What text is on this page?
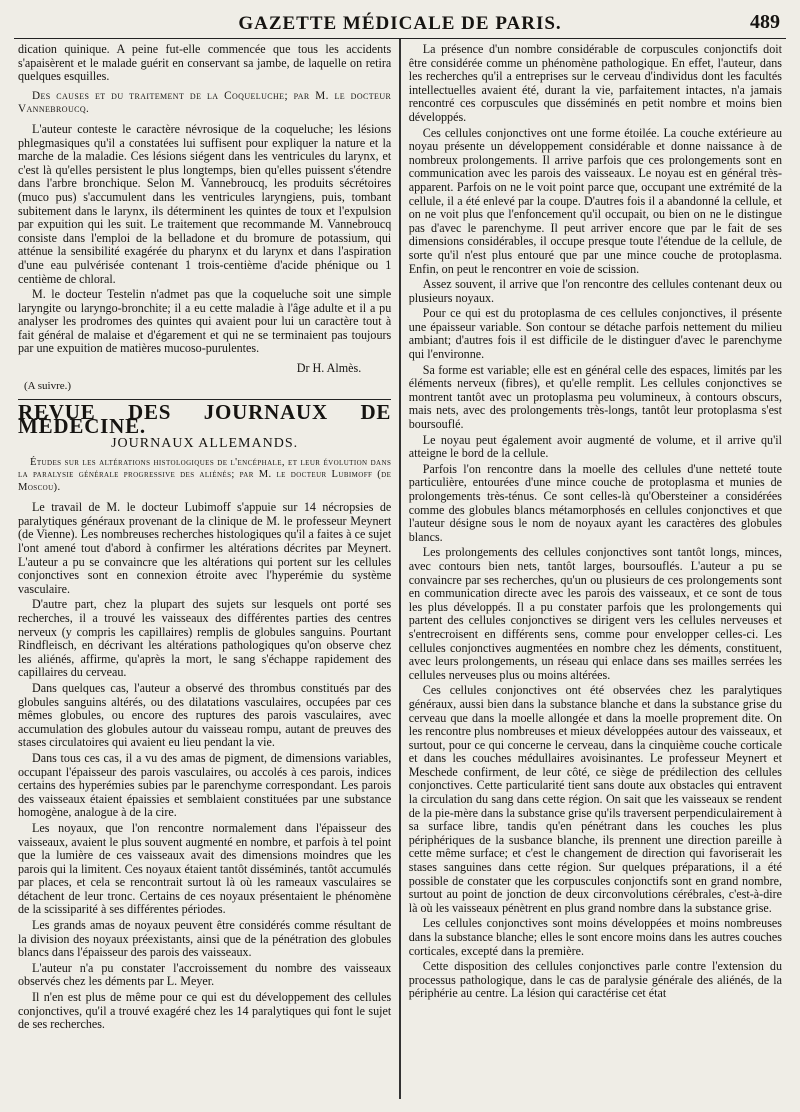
GAZETTE MÉDICALE DE PARIS.	489

dication quinique. A peine fut-elle commencée que tous les accidents s'apaisèrent et le malade guérit en conservant sa jambe, de laquelle on retira quelques esquilles.

Des causes et du traitement de la Coqueluche; par M. le docteur Vannebroucq.

L'auteur conteste le caractère névrosique de la coqueluche; les lésions phlegmasiques qu'il a constatées lui suffisent pour expliquer la nature et la marche de la maladie. Ces lésions siégent dans les ventricules du larynx, et c'est là qu'elles persistent le plus longtemps, bien qu'elles puissent s'étendre dans l'arbre bronchique. Selon M. Vannebroucq, les produits sécrétoires (muco pus) s'accumulent dans les ventricules laryngiens, puis, tombant subitement dans le larynx, ils déterminent les quintes de toux et l'expulsion par expuition qui les suit. Le traitement que recommande M. Vannebroucq consiste dans l'emploi de la belladone et du bromure de potassium, qui atténue la sensibilité exagérée du pharynx et du larynx et dans l'aspiration d'une eau pulvérisée contenant 1 trois-centième d'acide phénique ou 1 centième de chloral.

M. le docteur Testelin n'admet pas que la coqueluche soit une simple laryngite ou laryngo-bronchite; il a eu cette maladie à l'âge adulte et il a pu analyser les prodromes des quintes qui avaient pour lui un caractère tout à fait général de malaise et d'égarement et qui ne se terminaient pas toujours par une expuition de matières mucoso-purulentes.

Dr H. Almès.
(A suivre.)
REVUE DES JOURNAUX DE MÉDECINE.
JOURNAUX ALLEMANDS.
Études sur les altérations histologiques de l'encéphale, et leur évolution dans la paralysie générale progressive des aliénés; par M. le docteur Lubimoff (de Moscou).

Le travail de M. le docteur Lubimoff s'appuie sur 14 nécropsies de paralytiques généraux provenant de la clinique de M. le professeur Meynert (de Vienne). Les nombreuses recherches histologiques qu'il a faites à ce sujet l'ont amené tout d'abord à confirmer les altérations décrites par Meynert. L'auteur a pu se convaincre que les altérations qui portent sur les cellules conjonctives sont en connexion étroite avec l'hyperémie du système vasculaire.

D'autre part, chez la plupart des sujets sur lesquels ont porté ses recherches, il a trouvé les vaisseaux des différentes parties des centres nerveux (y compris les capillaires) remplis de globules sanguins. Pourtant Rindfleisch, en décrivant les altérations pathologiques qu'on observe chez les aliénés, affirme, qu'après la mort, le sang s'échappe rapidement des capillaires du cerveau.

Dans quelques cas, l'auteur a observé des thrombus constitués par des globules sanguins altérés, ou des dilatations vasculaires, occupées par ces mêmes globules, ou encore des ruptures des parois vasculaires, avec accumulation des globules autour du vaisseau rompu, autant de preuves des stases circulatoires qui avaient eu lieu pendant la vie.

Dans tous ces cas, il a vu des amas de pigment, de dimensions variables, occupant l'épaisseur des parois vasculaires, ou accolés à ces parois, indices certains des hyperémies subies par le parenchyme correspondant. Les parois des vaisseaux étaient épaissies et semblaient constituées par une substance homogène, analogue à de la cire.

Les noyaux, que l'on rencontre normalement dans l'épaisseur des vaisseaux, avaient le plus souvent augmenté en nombre, et parfois à tel point que la lumière de ces vaisseaux avait des dimensions moindres que les parois qui la limitent. Ces noyaux étaient tantôt disséminés, tantôt accumulés par places, et cela se rencontrait surtout là où les rameaux vasculaires se détachent de leur tronc. Certains de ces noyaux présentaient le phénomène de la scissiparité à ses différentes périodes.

Les grands amas de noyaux peuvent être considérés comme résultant de la division des noyaux préexistants, ainsi que de la pénétration des globules blancs dans l'épaisseur des parois des vaisseaux.

L'auteur n'a pu constater l'accroissement du nombre des vaisseaux observés chez les déments par L. Meyer.

Il n'en est plus de même pour ce qui est du développement des cellules conjonctives, qu'il a trouvé exagéré chez les 14 paralytiques qui font le sujet de ses recherches.

La présence d'un nombre considérable de corpuscules conjonctifs doit être considérée comme un phénomène pathologique. En effet, l'auteur, dans les recherches qu'il a entreprises sur le cerveau d'individus dont les facultés intellectuelles avaient été, durant la vie, parfaitement intactes, n'a jamais rencontré ces corpuscules que disséminés en petit nombre et moins bien développés.

Ces cellules conjonctives ont une forme étoilée. La couche extérieure au noyau présente un développement considérable et donne naissance à de nombreux prolongements. Il arrive parfois que ces prolongements sont en communication avec les parois des vaisseaux. Le noyau est en général très-apparent. Parfois on ne le voit point parce que, occupant une extrémité de la cellule, il a été enlevé par la coupe. D'autres fois il a abandonné la cellule, et on ne voit plus que l'enfoncement qu'il occupait, ou bien on ne le distingue pas d'avec le parenchyme. Il peut arriver encore que par le fait de ses dimensions considérables, il occupe presque toute l'étendue de la cellule, de sorte qu'il n'est plus entouré que par une mince couche de protoplasma. Enfin, on peut le rencontrer en voie de scission.

Assez souvent, il arrive que l'on rencontre des cellules contenant deux ou plusieurs noyaux.

Pour ce qui est du protoplasma de ces cellules conjonctives, il présente une épaisseur variable. Son contour se détache parfois nettement du milieu ambiant; d'autres fois il est difficile de le distinguer d'avec le parenchyme qui l'environne.

Sa forme est variable; elle est en général celle des espaces, limités par les éléments nerveux (fibres), et qu'elle remplit. Les cellules conjonctives se montrent tantôt avec un protoplasma peu volumineux, à contours obscurs, mais nets, avec des prolongements très-longs, tantôt leur protoplasma s'est boursouflé.

Le noyau peut également avoir augmenté de volume, et il arrive qu'il atteigne le bord de la cellule.

Parfois l'on rencontre dans la moelle des cellules d'une netteté toute particulière, entourées d'une mince couche de protoplasma et munies de prolongements très-ténus. Ce sont celles-là qu'Obersteiner a considérées comme des globules blancs métamorphosés en cellules conjonctives et que l'auteur désigne sous le nom de noyaux ayant les caractères des globules blancs.

Les prolongements des cellules conjonctives sont tantôt longs, minces, avec contours bien nets, tantôt larges, boursouflés. L'auteur a pu se convaincre par ses recherches, qu'un ou plusieurs de ces prolongements sont en communication directe avec les parois des vaisseaux, et ce sont de tous les plus développés. Il a pu constater parfois que les prolongements qui partent des cellules conjonctives se dirigent vers les cellules nerveuses et s'entrecroisent en différents sens, comme pour envelopper celles-ci. Les cellules conjonctives augmentées en nombre chez les déments, constituent, avec leurs prolongements, un réseau qui enlace dans ses mailles serrées les cellules nerveuses plus ou moins altérées.

Ces cellules conjonctives ont été observées chez les paralytiques généraux, aussi bien dans la substance blanche et dans la substance grise du cerveau que dans la moelle allongée et dans la moelle proprement dite. On les rencontre plus nombreuses et mieux développées autour des vaisseaux, et surtout, pour ce qui concerne le cerveau, dans la cinquième couche corticale et dans les couches médullaires avoisinantes. Le professeur Meynert et Meschede confirment, de leur côté, ce siège de prédilection des cellules conjonctives. Cette particularité tient sans doute aux obstacles qui entravent la circulation du sang dans cette région. On sait que les vaisseaux se rendent de la pie-mère dans la substance grise qu'ils traversent perpendiculairement à sa surface libre, tandis qu'en pénétrant dans les couches les plus périphériques de la susbance blanche, ils prennent une direction pareille à cette même surface; et c'est le changement de direction qui favoriserait les stases sanguines dans cette région. Sur quelques préparations, il a été possible de constater que les corpuscules conjonctifs sont en grand nombre, surtout au point de jonction de deux circonvolutions cérébrales, c'est-à-dire là où les vaisseaux pénètrent en plus grand nombre dans la substance grise.

Les cellules conjonctives sont moins développées et moins nombreuses dans la substance blanche; elles le sont encore moins dans les autres couches corticales, excepté dans la première.

Cette disposition des cellules conjonctives parle contre l'extension du processus pathologique, dans le cas de paralysie générale des aliénés, de la périphérie au centre. La lésion qui caractérise cet état
